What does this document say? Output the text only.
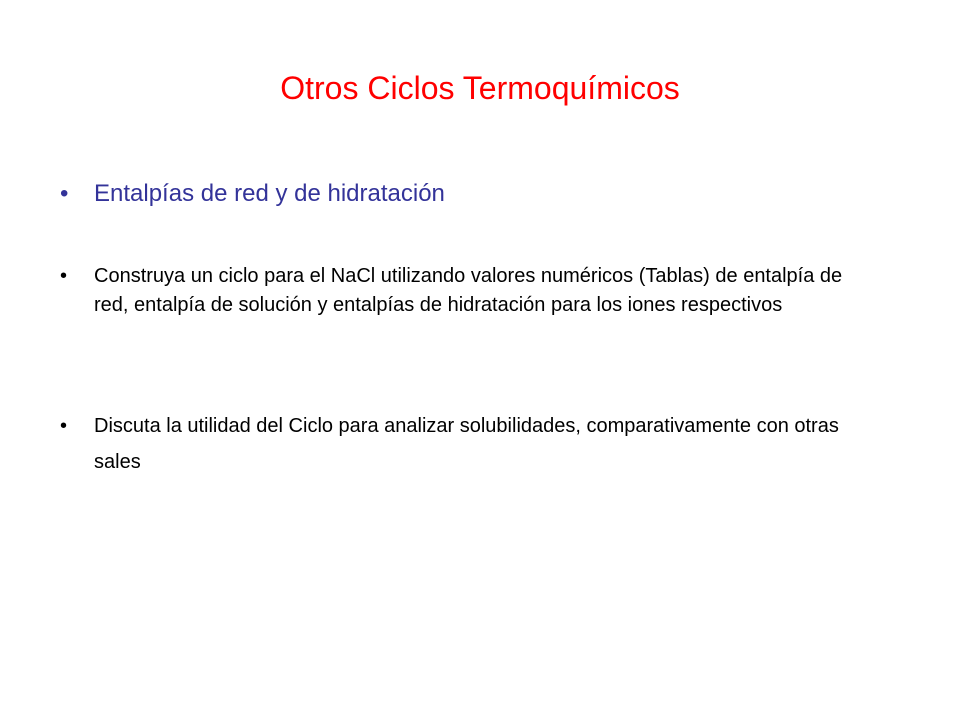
Otros Ciclos Termoquímicos
•	Entalpías de red y de hidratación
•	Construya un ciclo para el NaCl utilizando valores numéricos (Tablas) de entalpía de red, entalpía de solución y entalpías de hidratación para los iones respectivos
•	Discuta la utilidad del Ciclo para analizar solubilidades, comparativamente con otras sales
